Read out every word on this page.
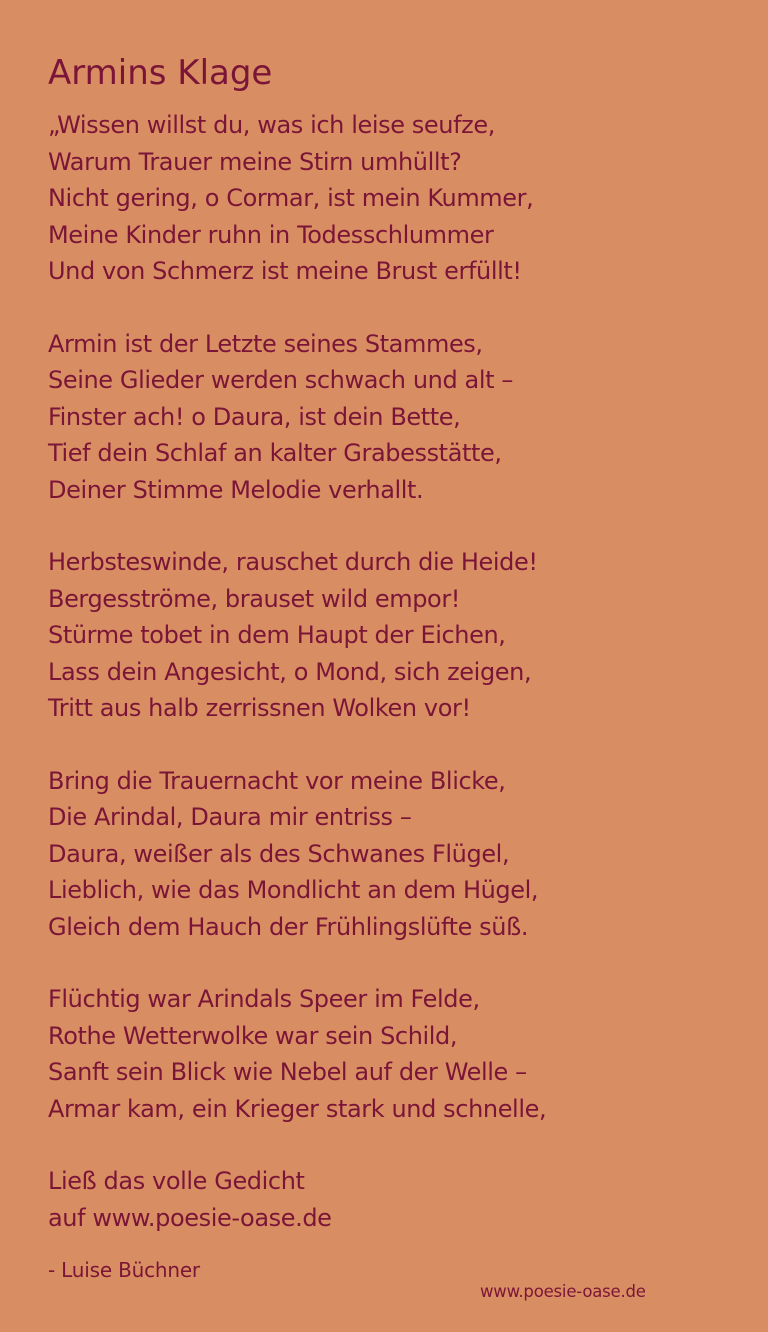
Armins Klage
„Wissen willst du, was ich leise seufze,
Warum Trauer meine Stirn umhüllt?
Nicht gering, o Cormar, ist mein Kummer,
Meine Kinder ruhn in Todesschlummer
Und von Schmerz ist meine Brust erfüllt!
Armin ist der Letzte seines Stammes,
Seine Glieder werden schwach und alt –
Finster ach! o Daura, ist dein Bette,
Tief dein Schlaf an kalter Grabesstätte,
Deiner Stimme Melodie verhallt.
Herbsteswinde, rauschet durch die Heide!
Bergesströme, brauset wild empor!
Stürme tobet in dem Haupt der Eichen,
Lass dein Angesicht, o Mond, sich zeigen,
Tritt aus halb zerrissnen Wolken vor!
Bring die Trauernacht vor meine Blicke,
Die Arindal, Daura mir entriss –
Daura, weißer als des Schwanes Flügel,
Lieblich, wie das Mondlicht an dem Hügel,
Gleich dem Hauch der Frühlingslüfte süß.
Flüchtig war Arindals Speer im Felde,
Rothe Wetterwolke war sein Schild,
Sanft sein Blick wie Nebel auf der Welle –
Armar kam, ein Krieger stark und schnelle,
Ließ das volle Gedicht
auf www.poesie-oase.de
- Luise Büchner
www.poesie-oase.de
